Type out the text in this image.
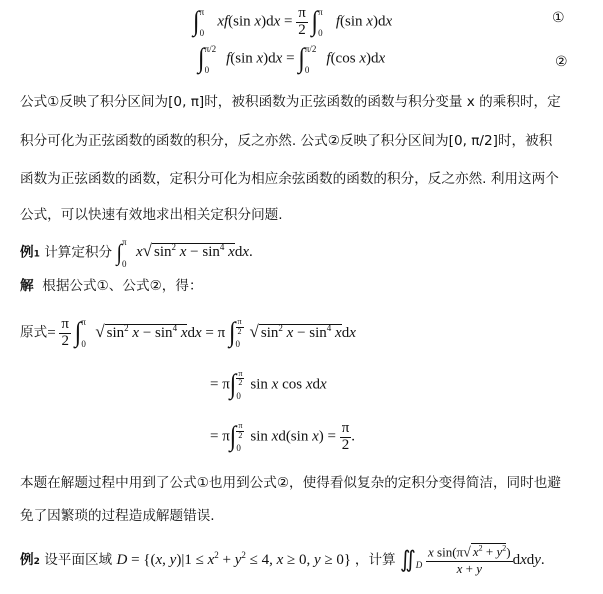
∫ π
0
xf(sin $x)dx = \frac{\pi}{2}$ ∫ π
0
f(sin x)dx	①
∫ π/2
0
f(sin x)dx = ∫ π/2
0
f(cos x)dx	②
公式①反映了积分区间为[0, π]时，被积函数为正弦函数的函数与积分变量 x 的乘积时，定
积分可化为正弦函数的函数的积分，反之亦然. 公式②反映了积分区间为[0, π/2]时，被积
函数为正弦函数的函数，定积分可化为相应余弦函数的函数的积分，反之亦然. 利用这两个
公式，可以快速有效地求出相关定积分问题.
例1 计算定积分 ∫ π
0
x√ $\sin^2 x - \sin^4$ xdx.
解 根据公式①、公式②，得：
原式= $\frac{\pi}{2}$ ∫ π
0
√ $\sin^2 x - \sin^4$ xdx = π ∫ $\frac{\pi}{2}$
0
√ $\sin^2 x - \sin^4$ xdx
= $\pi\int \frac{\pi}{2}$
0
sin x cos xdx
= $\pi\int \frac{\pi}{2}$
0
sin xd(sin $x) = \frac{\pi}{2}$ .
本题在解题过程中用到了公式①也用到公式②，使得看似复杂的定积分变得简洁，同时也避
免了因繁琐的过程造成解题错误.
例2 设平面区域 D = {(x, $y)|1 \le x^2 + y^2 \le 4$, x ≥ 0, y ≥ 0} ，计算 $∬_D \frac{x \sin(\pi√ x^2 + y^2)}{x + y}$ dxdy.
